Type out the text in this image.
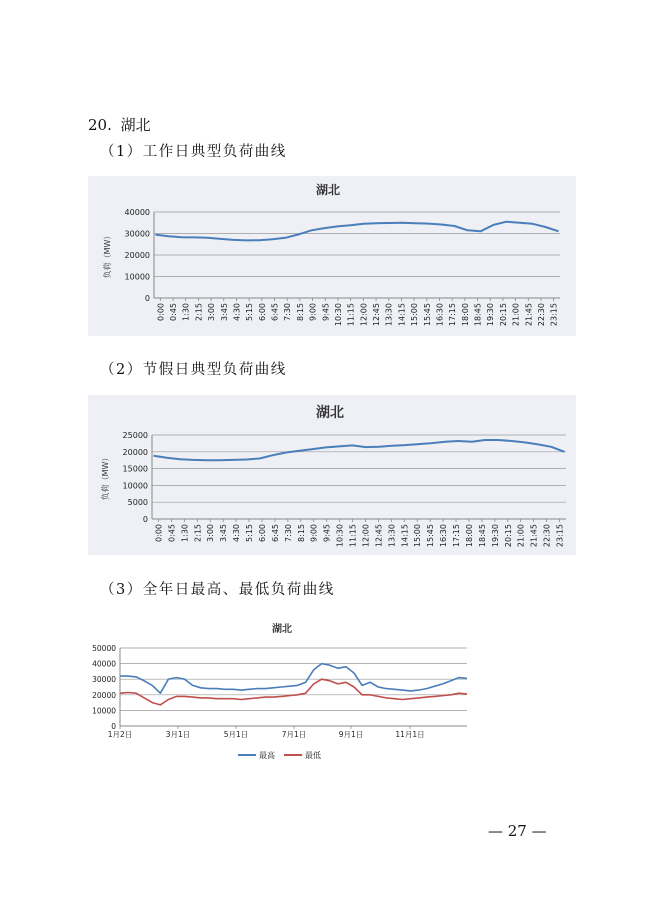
20. 湖北
（1）工作日典型负荷曲线
湖北
0
10000
20000
30000
40000
负荷（MW）
0:00 0:45 1:30 2:15 3:00 3:45 4:30 5:15 6:00 6:45 7:30 8:15 9:00 9:45 10:30 11:15 12:00 12:45 13:30 14:15 15:00 15:45 16:30 17:15 18:00 18:45 19:30 20:15 21:00 21:45 22:30 23:15
（2）节假日典型负荷曲线
湖北
0
5000
10000
15000
20000
25000
负荷（MW）
0:00 0:45 1:30 2:15 3:00 3:45 4:30 5:15 6:00 6:45 7:30 8:15 9:00 9:45 10:30 11:15 12:00 12:45 13:30 14:15 15:00 15:45 16:30 17:15 18:00 18:45 19:30 20:15 21:00 21:45 22:30 23:15
（3）全年日最高、最低负荷曲线
湖北
0
10000
20000
30000
40000
50000
1月2日	3月1日	5月1日	7月1日	9月1日	11月1日
最高	最低
— 27 —
